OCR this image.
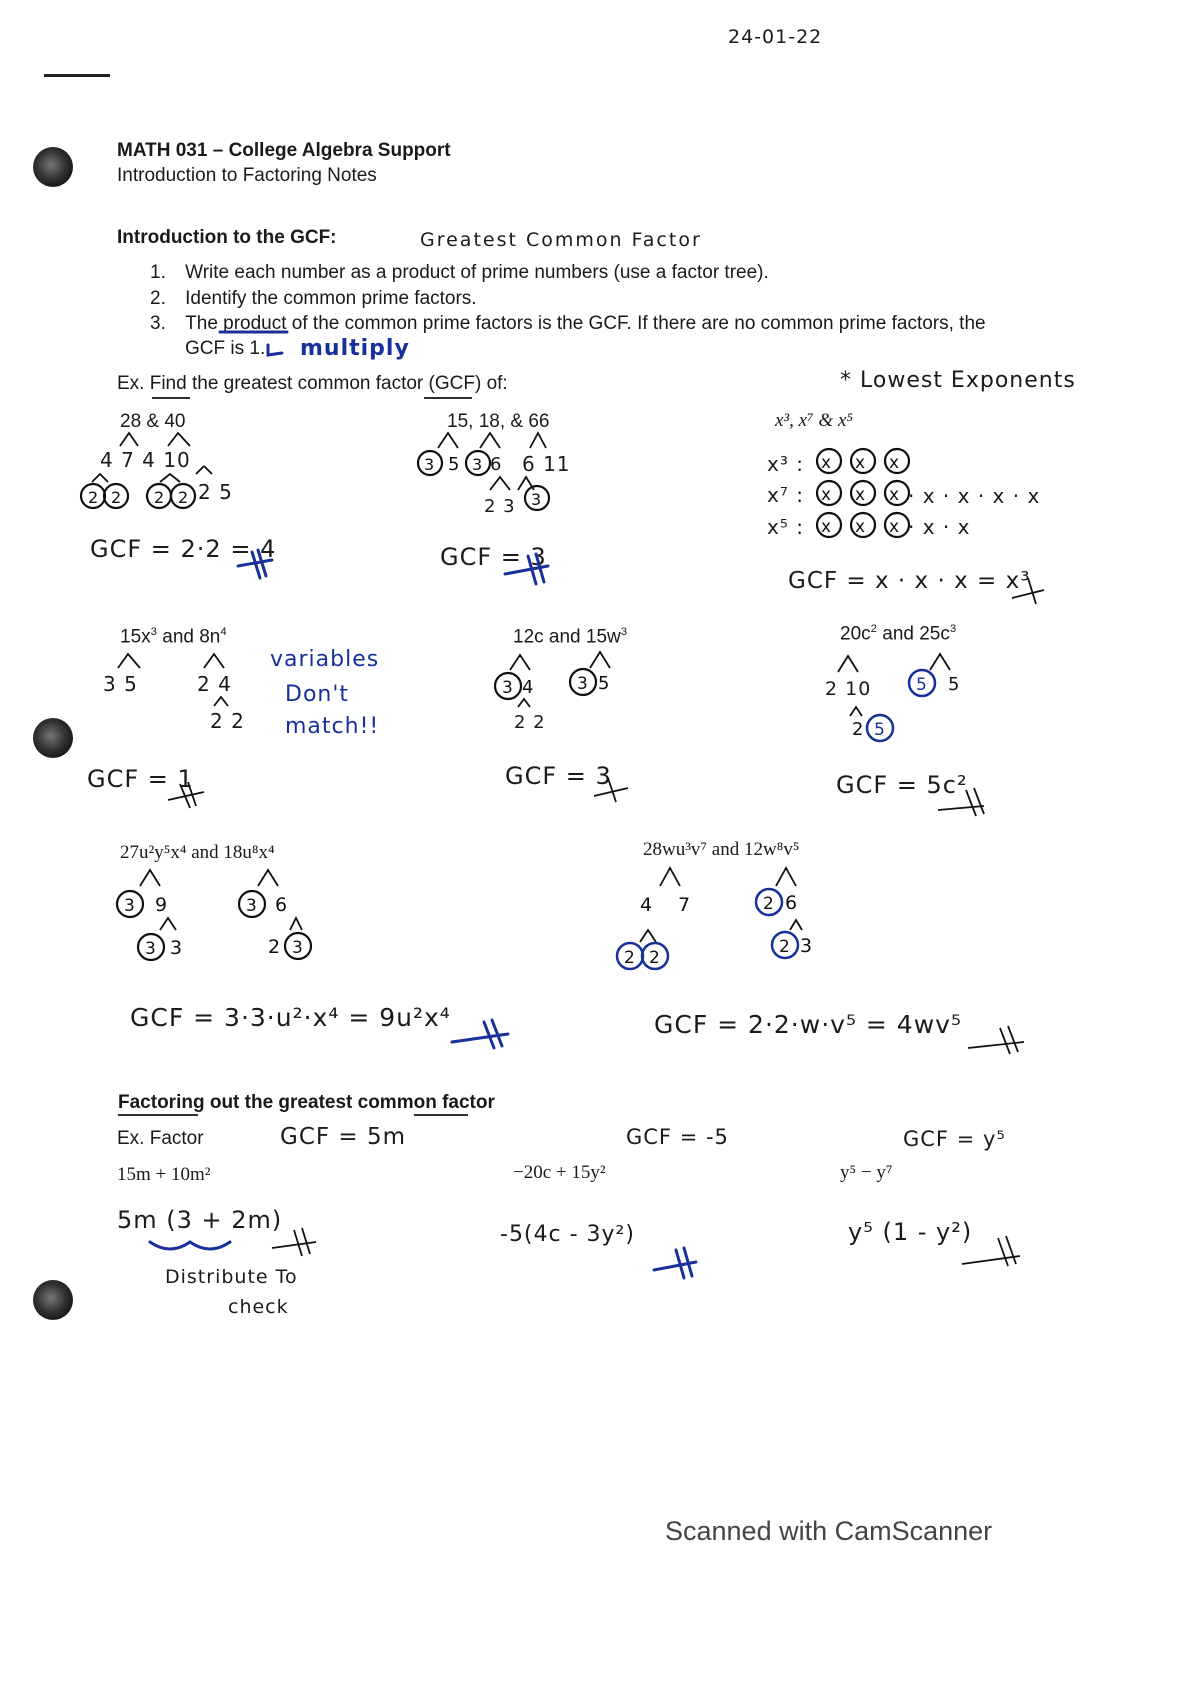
24-01-22
MATH 031 – College Algebra Support
Introduction to Factoring Notes
Introduction to the GCF:	Greatest Common Factor
1. Write each number as a product of prime numbers (use a factor tree).
2. Identify the common prime factors.
3. The product of the common prime factors is the GCF. If there are no common prime factors, the
GCF is 1. multiply
Ex. Find the greatest common factor (GCF) of:	* Lowest Exponents
28 & 40
4 7 4 10
2 5
GCF = 2·2 = 4
15, 18, & 66
6 11
2 3
GCF = 3
x³, x⁷ & x⁵
x³ :
x⁷ :	· x · x · x · x
x⁵ :	· x · x
GCF = x · x · x = x³
$15x^3$ and $8n^4$
3 5	2 4
2 2
variables
Don't
match!!
GCF = 1
12c and $15w^3$
2 2
GCF = 3
$20c^2$ and $25c^3$
2 10
GCF = 5c²
27u²y⁵x⁴ and 18u⁸x⁴
GCF = 3·3·u²·x⁴ = 9u²x⁴
28wu³v⁷ and 12w⁸v⁵
GCF = 2·2·w·v⁵ = 4wv⁵
Factoring out the greatest common factor
Ex. Factor	GCF = 5m	GCF = -5	GCF = y⁵
15m + 10m²	−20c + 15y²	y⁵ − y⁷
5m (3 + 2m)
-5(4c - 3y²)	y⁵ (1 - y²)
Distribute To
check
Scanned with CamScanner
2 2 2 2
3 5 3 6
3
x x x
x x x
x x x
3 4	3 5	5 5
2 5
3 9	3 6
3 3	2 3
4 7	2 6
2 2
2 3
